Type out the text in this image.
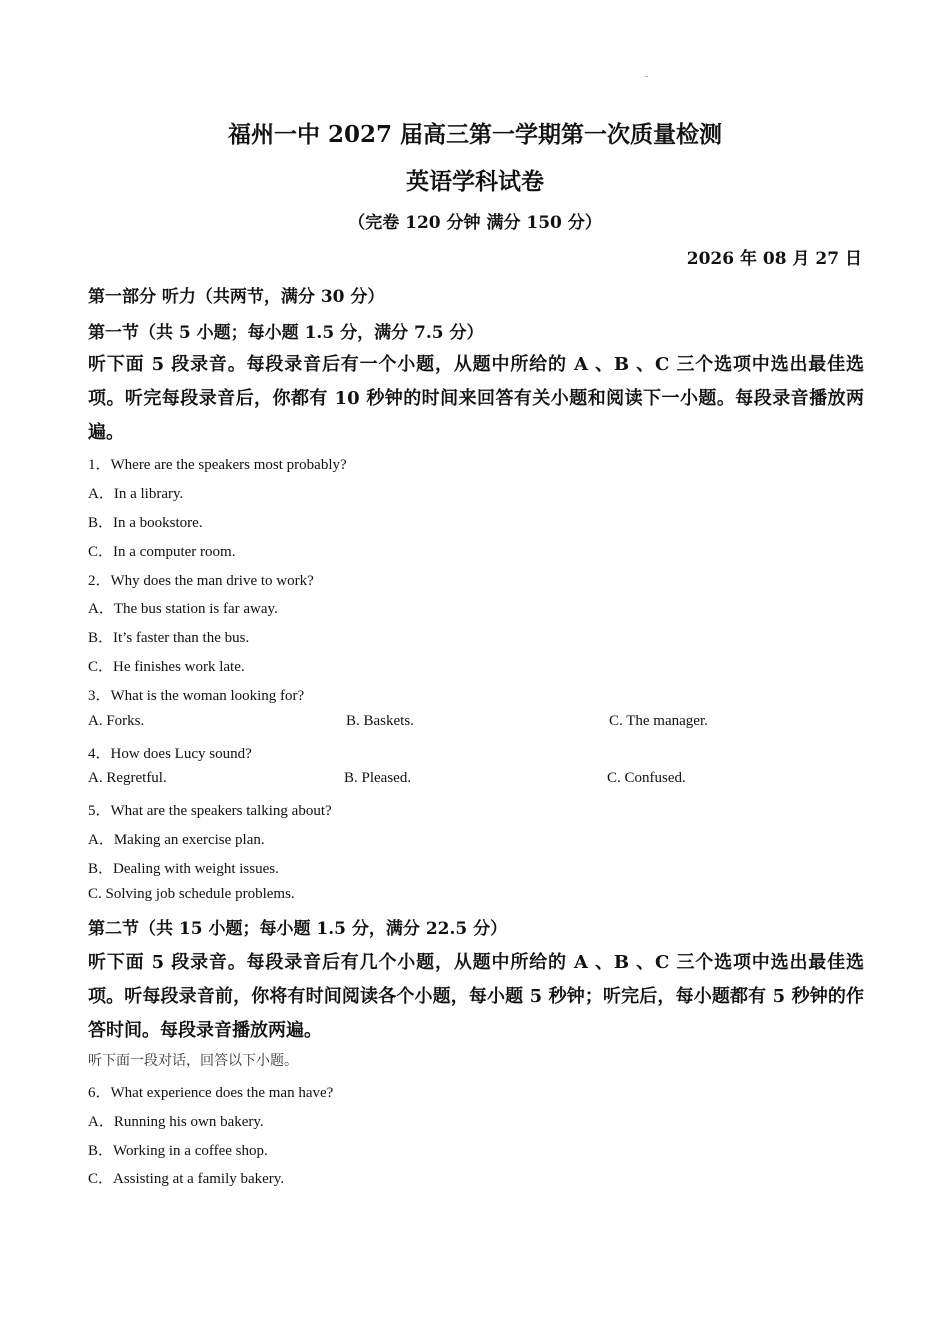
-
福州一中 2027 届高三第一学期第一次质量检测
英语学科试卷
（完卷 120 分钟 满分 150 分）
2026 年 08 月 27 日
第一部分 听力（共两节，满分 30 分）
第一节（共 5 小题；每小题 1.5 分，满分 7.5 分）
听下面 5 段录音。每段录音后有一个小题，从题中所给的 A 、B 、C 三个选项中选出最佳选项。听完每段录音后，你都有 10 秒钟的时间来回答有关小题和阅读下一小题。每段录音播放两遍。
1．Where are the speakers most probably?
A．In a library.
B．In a bookstore.
C．In a computer room.
2．Why does the man drive to work?
A．The bus station is far away.
B．It’s faster than the bus.
C．He finishes work late.
3．What is the woman looking for?
A. Forks.	B. Baskets.	C. The manager.
4．How does Lucy sound?
A. Regretful.	B. Pleased.	C. Confused.
5．What are the speakers talking about?
A．Making an exercise plan.
B．Dealing with weight issues.
C. Solving job schedule problems.
第二节（共 15 小题；每小题 1.5 分，满分 22.5 分）
听下面 5 段录音。每段录音后有几个小题，从题中所给的 A 、B 、C 三个选项中选出最佳选项。听每段录音前，你将有时间阅读各个小题，每小题 5 秒钟；听完后，每小题都有 5 秒钟的作答时间。每段录音播放两遍。
听下面一段对话，回答以下小题。
6．What experience does the man have?
A．Running his own bakery.
B．Working in a coffee shop.
C．Assisting at a family bakery.
